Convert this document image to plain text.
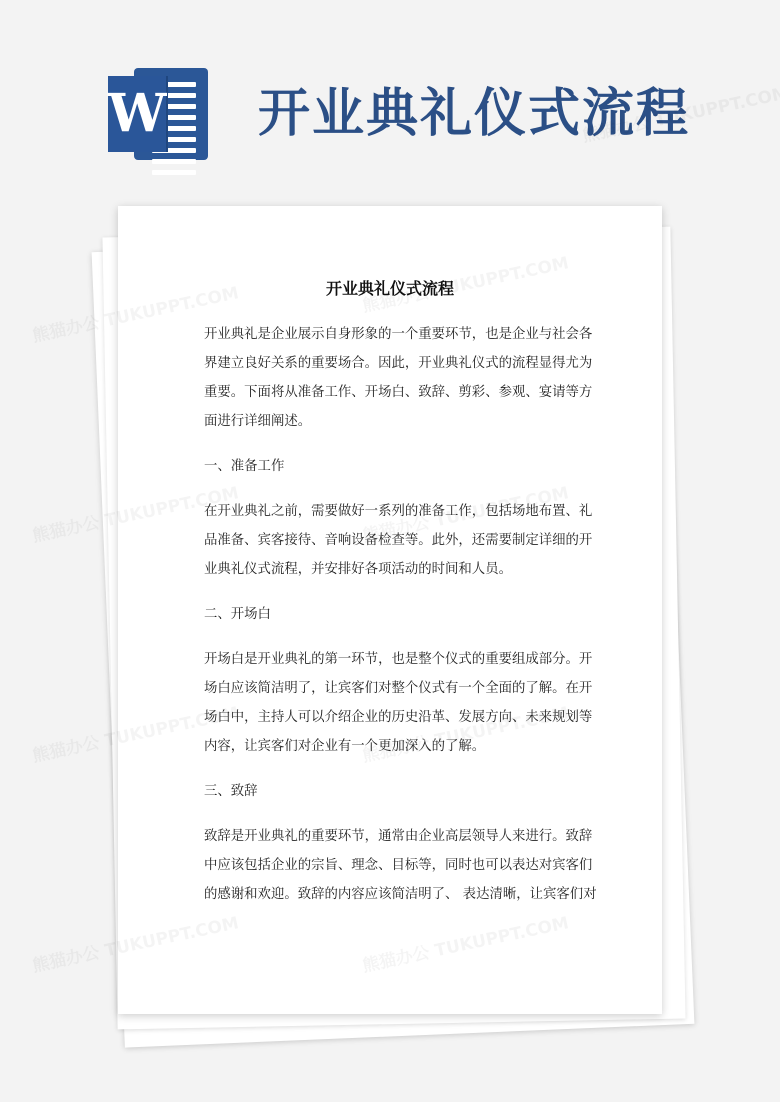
W 开业典礼仪式流程
开业典礼仪式流程

开业典礼是企业展示自身形象的一个重要环节，也是企业与社会各界建立良好关系的重要场合。因此，开业典礼仪式的流程显得尤为重要。下面将从准备工作、开场白、致辞、剪彩、参观、宴请等方面进行详细阐述。

一、准备工作

在开业典礼之前，需要做好一系列的准备工作，包括场地布置、礼品准备、宾客接待、音响设备检查等。此外，还需要制定详细的开业典礼仪式流程，并安排好各项活动的时间和人员。

二、开场白

开场白是开业典礼的第一环节，也是整个仪式的重要组成部分。开场白应该简洁明了，让宾客们对整个仪式有一个全面的了解。在开场白中，主持人可以介绍企业的历史沿革、发展方向、未来规划等内容，让宾客们对企业有一个更加深入的了解。

三、致辞

致辞是开业典礼的重要环节，通常由企业高层领导人来进行。致辞中应该包括企业的宗旨、理念、目标等，同时也可以表达对宾客们的感谢和欢迎。致辞的内容应该简洁明了、 表达清晰，让宾客们对
